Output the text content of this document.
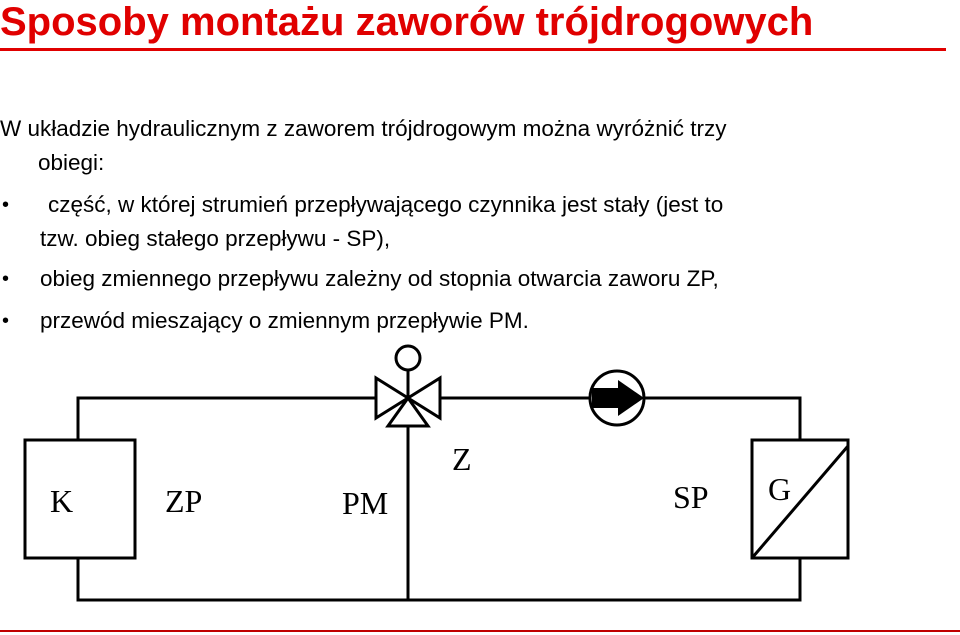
Sposoby montażu zaworów trójdrogowych
W układzie hydraulicznym z zaworem trójdrogowym można wyróżnić trzy
obiegi:
•	część, w której strumień przepływającego czynnika jest stały (jest to
tzw. obieg stałego przepływu - SP),
• obieg zmiennego przepływu zależny od stopnia otwarcia zaworu ZP,
• przewód mieszający o zmiennym przepływie PM.
K	G
ZP	PM
Z
SP
